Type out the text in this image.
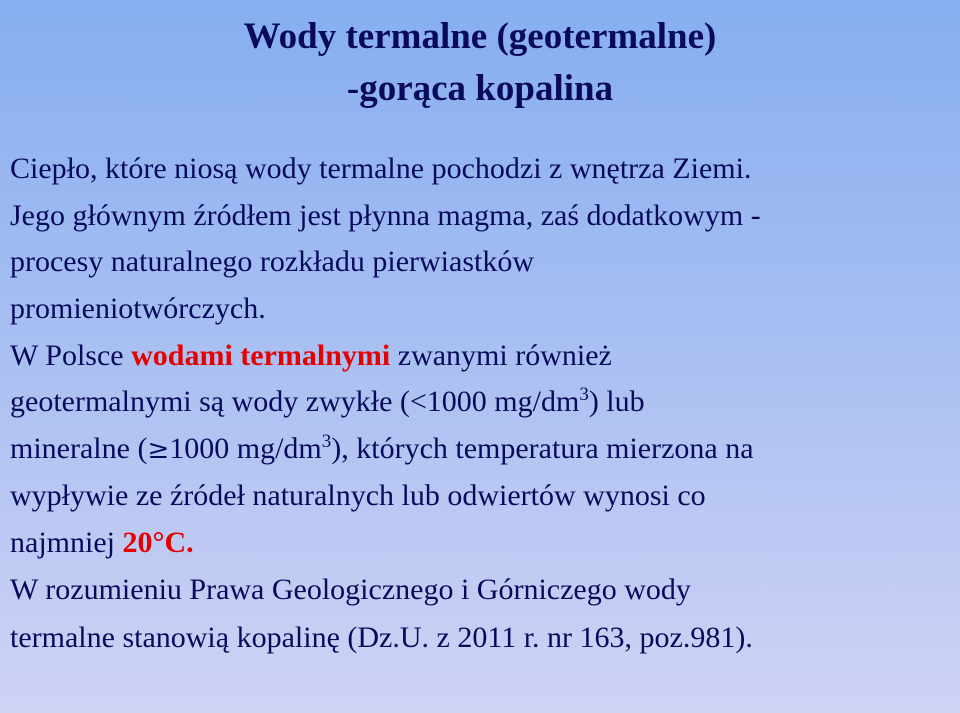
Wody termalne (geotermalne)
-gorąca kopalina
Ciepło, które niosą wody termalne pochodzi z wnętrza Ziemi.
Jego głównym źródłem jest płynna magma, zaś dodatkowym -
procesy naturalnego rozkładu pierwiastków
promieniotwórczych.
W Polsce wodami termalnymi zwanymi również
geotermalnymi są wody zwykłe (<1000 $mg/dm^3$) lub
mineralne (≥1000 $mg/dm^3$), których temperatura mierzona na
wypływie ze źródeł naturalnych lub odwiertów wynosi co
najmniej 20°C.
W rozumieniu Prawa Geologicznego i Górniczego wody
termalne stanowią kopalinę (Dz.U. z 2011 r. nr 163, poz.981).
